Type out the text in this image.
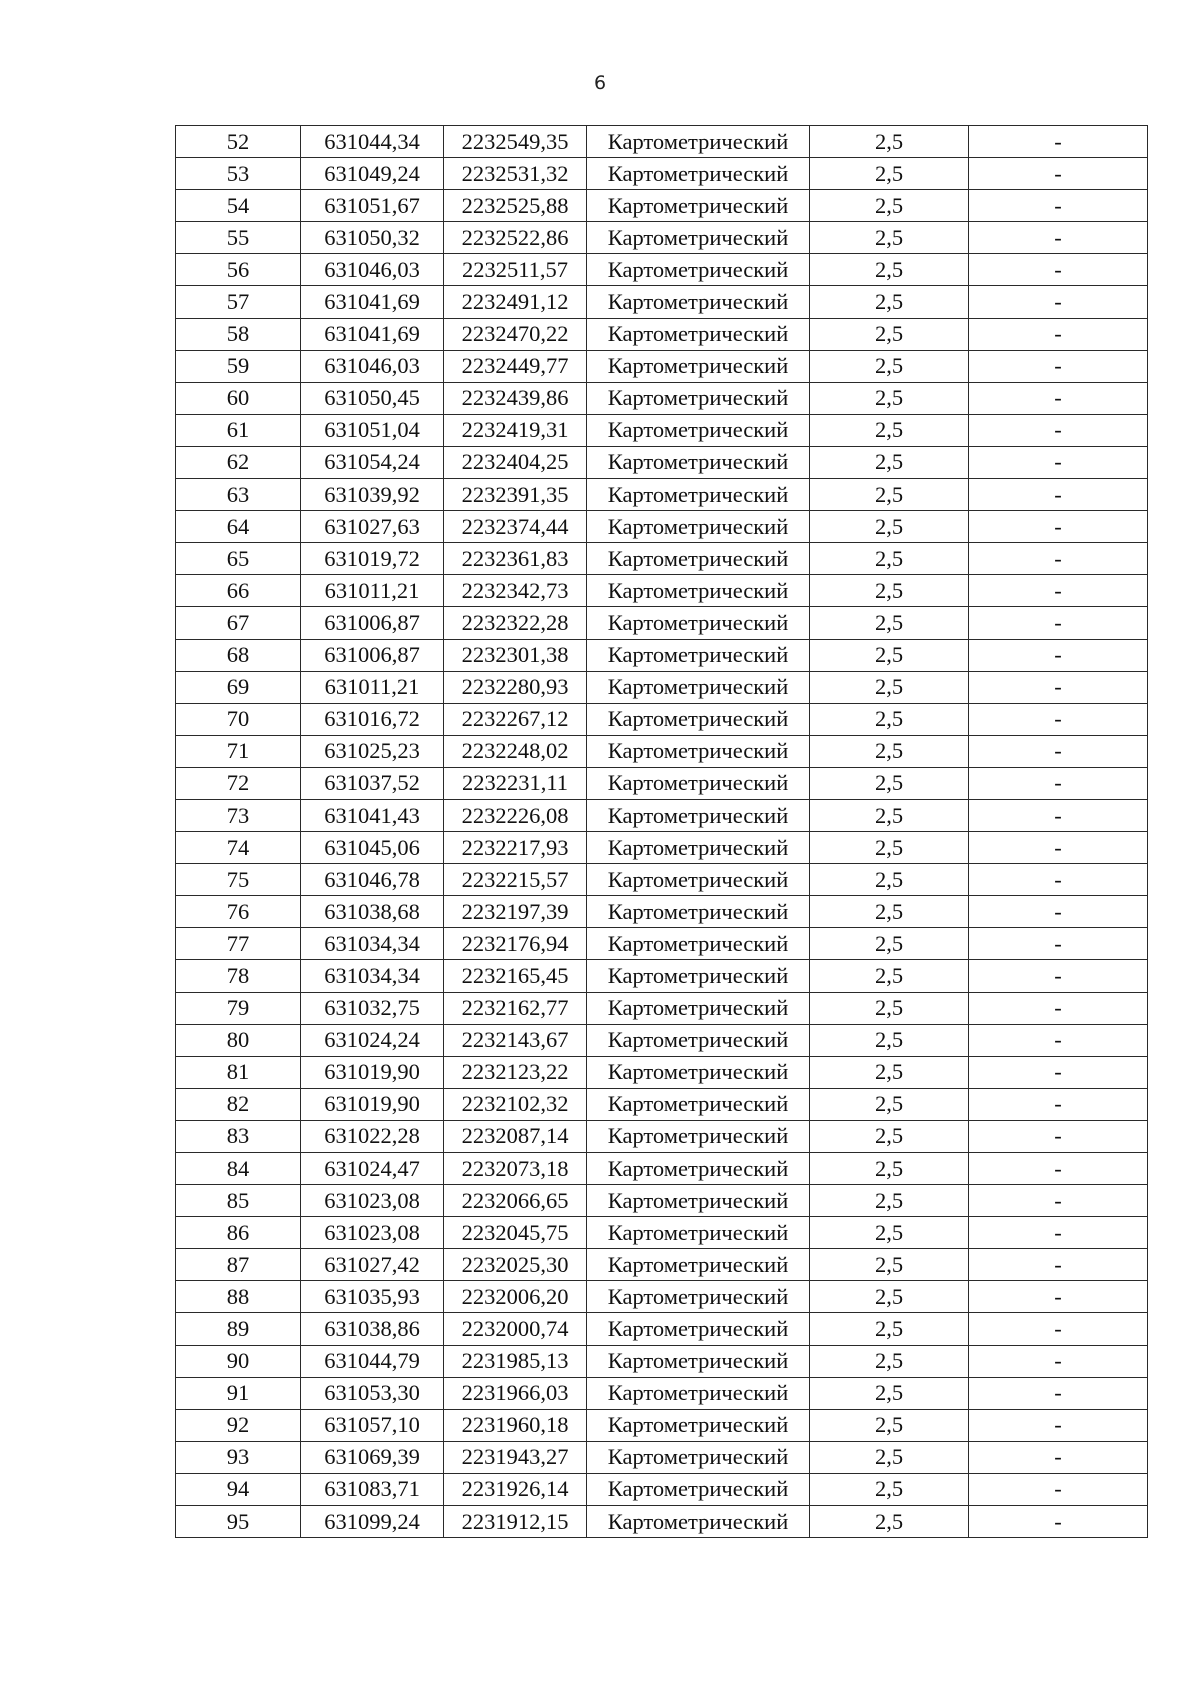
6
52	631044,34	2232549,35	Картометрический	2,5	-
53	631049,24	2232531,32	Картометрический	2,5	-
54	631051,67	2232525,88	Картометрический	2,5	-
55	631050,32	2232522,86	Картометрический	2,5	-
56	631046,03	2232511,57	Картометрический	2,5	-
57	631041,69	2232491,12	Картометрический	2,5	-
58	631041,69	2232470,22	Картометрический	2,5	-
59	631046,03	2232449,77	Картометрический	2,5	-
60	631050,45	2232439,86	Картометрический	2,5	-
61	631051,04	2232419,31	Картометрический	2,5	-
62	631054,24	2232404,25	Картометрический	2,5	-
63	631039,92	2232391,35	Картометрический	2,5	-
64	631027,63	2232374,44	Картометрический	2,5	-
65	631019,72	2232361,83	Картометрический	2,5	-
66	631011,21	2232342,73	Картометрический	2,5	-
67	631006,87	2232322,28	Картометрический	2,5	-
68	631006,87	2232301,38	Картометрический	2,5	-
69	631011,21	2232280,93	Картометрический	2,5	-
70	631016,72	2232267,12	Картометрический	2,5	-
71	631025,23	2232248,02	Картометрический	2,5	-
72	631037,52	2232231,11	Картометрический	2,5	-
73	631041,43	2232226,08	Картометрический	2,5	-
74	631045,06	2232217,93	Картометрический	2,5	-
75	631046,78	2232215,57	Картометрический	2,5	-
76	631038,68	2232197,39	Картометрический	2,5	-
77	631034,34	2232176,94	Картометрический	2,5	-
78	631034,34	2232165,45	Картометрический	2,5	-
79	631032,75	2232162,77	Картометрический	2,5	-
80	631024,24	2232143,67	Картометрический	2,5	-
81	631019,90	2232123,22	Картометрический	2,5	-
82	631019,90	2232102,32	Картометрический	2,5	-
83	631022,28	2232087,14	Картометрический	2,5	-
84	631024,47	2232073,18	Картометрический	2,5	-
85	631023,08	2232066,65	Картометрический	2,5	-
86	631023,08	2232045,75	Картометрический	2,5	-
87	631027,42	2232025,30	Картометрический	2,5	-
88	631035,93	2232006,20	Картометрический	2,5	-
89	631038,86	2232000,74	Картометрический	2,5	-
90	631044,79	2231985,13	Картометрический	2,5	-
91	631053,30	2231966,03	Картометрический	2,5	-
92	631057,10	2231960,18	Картометрический	2,5	-
93	631069,39	2231943,27	Картометрический	2,5	-
94	631083,71	2231926,14	Картометрический	2,5	-
95	631099,24	2231912,15	Картометрический	2,5	-
